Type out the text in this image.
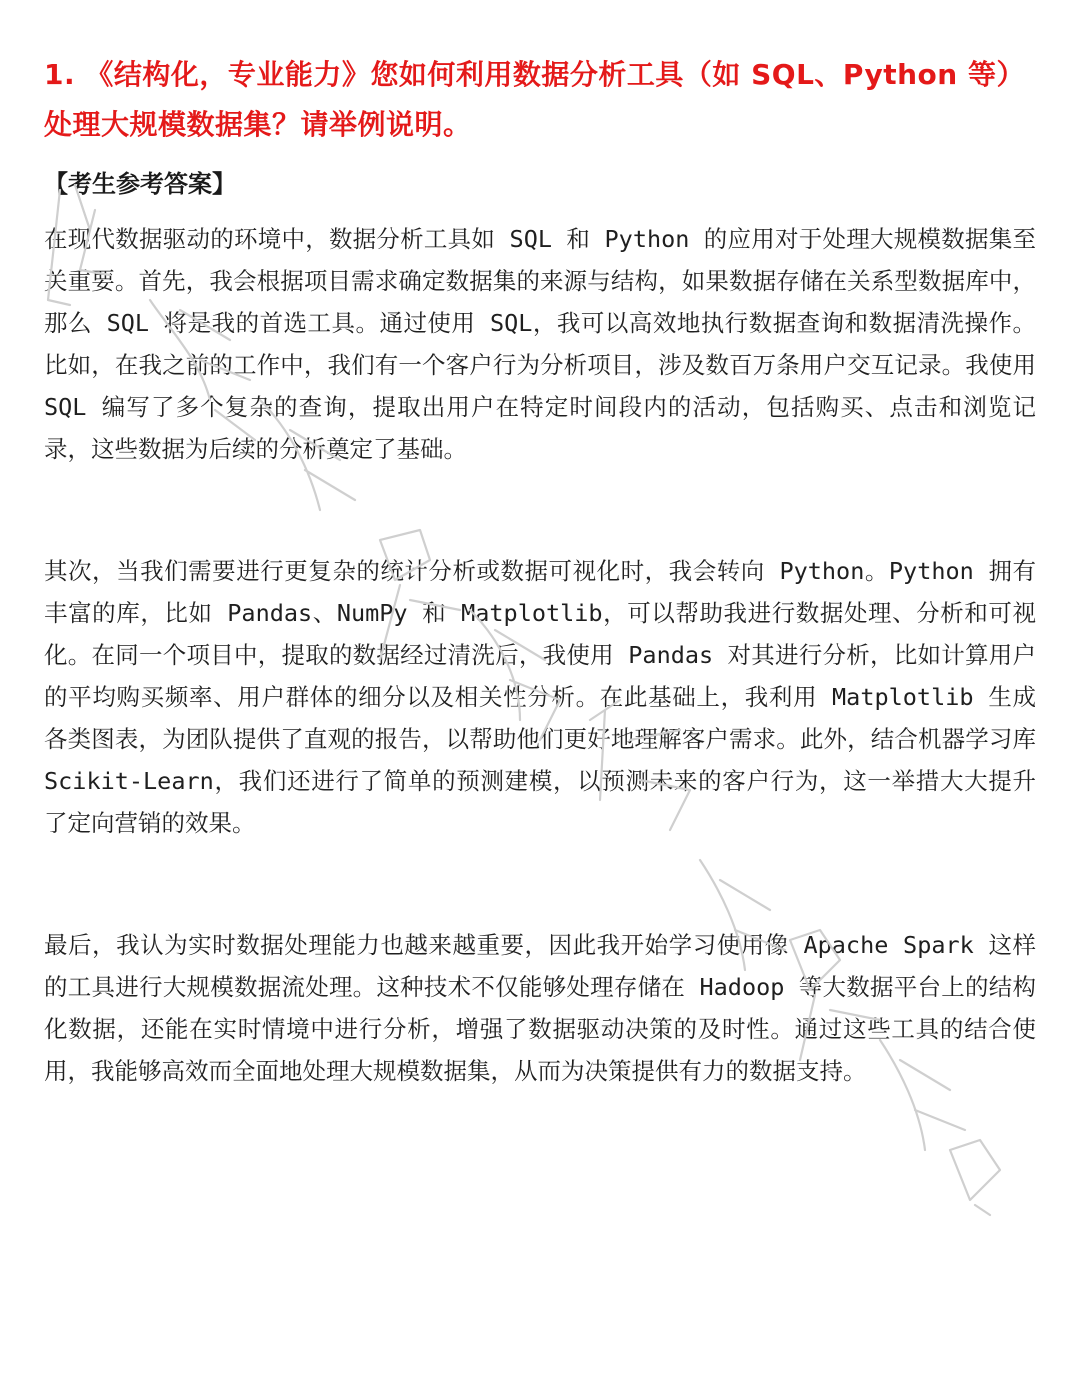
1. 《结构化，专业能力》您如何利用数据分析工具（如 SQL、Python 等）处理大规模数据集？请举例说明。

【考生参考答案】

在现代数据驱动的环境中，数据分析工具如 SQL 和 Python 的应用对于处理大规模数据集至关重要。首先，我会根据项目需求确定数据集的来源与结构，如果数据存储在关系型数据库中，那么 SQL 将是我的首选工具。通过使用 SQL，我可以高效地执行数据查询和数据清洗操作。比如，在我之前的工作中，我们有一个客户行为分析项目，涉及数百万条用户交互记录。我使用 SQL 编写了多个复杂的查询，提取出用户在特定时间段内的活动，包括购买、点击和浏览记录，这些数据为后续的分析奠定了基础。

其次，当我们需要进行更复杂的统计分析或数据可视化时，我会转向 Python。Python 拥有丰富的库，比如 Pandas、NumPy 和 Matplotlib，可以帮助我进行数据处理、分析和可视化。在同一个项目中，提取的数据经过清洗后，我使用 Pandas 对其进行分析，比如计算用户的平均购买频率、用户群体的细分以及相关性分析。在此基础上，我利用 Matplotlib 生成各类图表，为团队提供了直观的报告，以帮助他们更好地理解客户需求。此外，结合机器学习库 Scikit-Learn，我们还进行了简单的预测建模，以预测未来的客户行为，这一举措大大提升了定向营销的效果。

最后，我认为实时数据处理能力也越来越重要，因此我开始学习使用像 Apache Spark 这样的工具进行大规模数据流处理。这种技术不仅能够处理存储在 Hadoop 等大数据平台上的结构化数据，还能在实时情境中进行分析，增强了数据驱动决策的及时性。通过这些工具的结合使用，我能够高效而全面地处理大规模数据集，从而为决策提供有力的数据支持。
